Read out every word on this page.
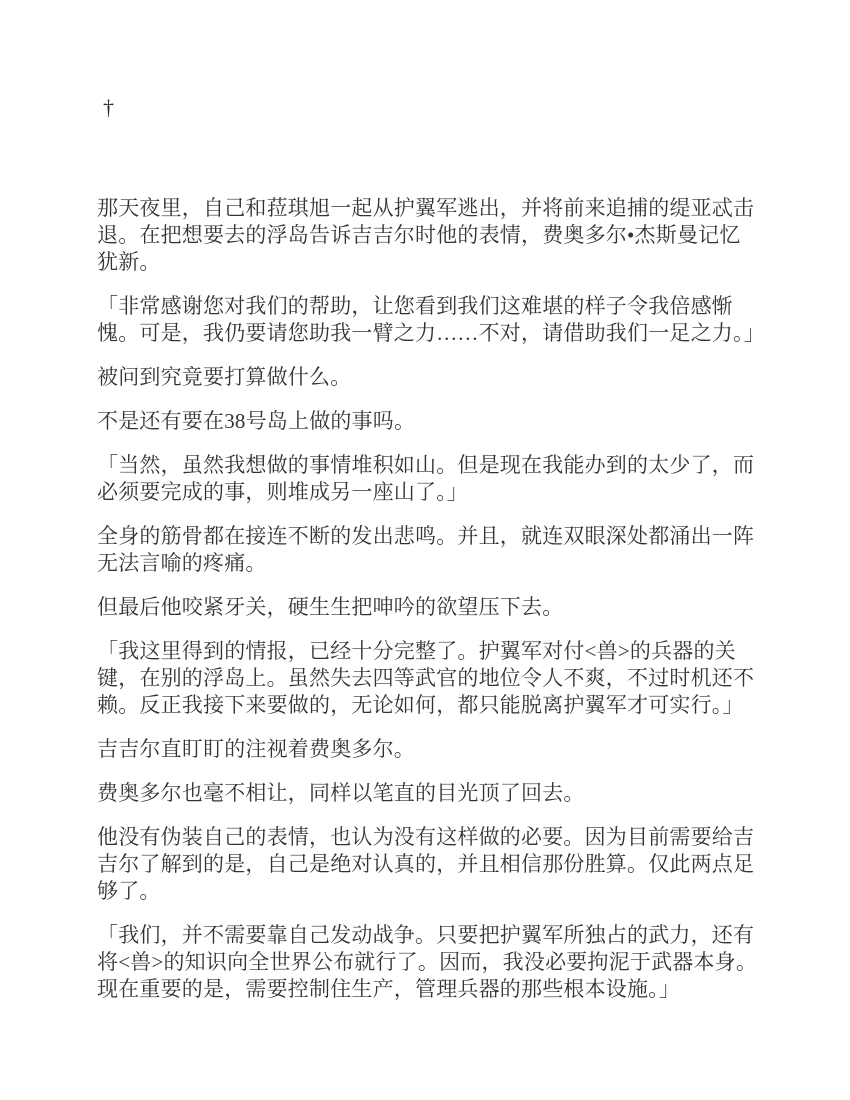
†

那天夜里，自己和菈琪旭一起从护翼军逃出，并将前来追捕的缇亚忒击退。在把想要去的浮岛告诉吉吉尔时他的表情，费奥多尔•杰斯曼记忆犹新。

「非常感谢您对我们的帮助，让您看到我们这难堪的样子令我倍感惭愧。可是，我仍要请您助我一臂之力……不对，请借助我们一足之力。」

被问到究竟要打算做什么。

不是还有要在38号岛上做的事吗。

「当然，虽然我想做的事情堆积如山。但是现在我能办到的太少了，而必须要完成的事，则堆成另一座山了。」

全身的筋骨都在接连不断的发出悲鸣。并且，就连双眼深处都涌出一阵无法言喻的疼痛。

但最后他咬紧牙关，硬生生把呻吟的欲望压下去。

「我这里得到的情报，已经十分完整了。护翼军对付<兽>的兵器的关键，在别的浮岛上。虽然失去四等武官的地位令人不爽，不过时机还不赖。反正我接下来要做的，无论如何，都只能脱离护翼军才可实行。」

吉吉尔直盯盯的注视着费奥多尔。

费奥多尔也毫不相让，同样以笔直的目光顶了回去。

他没有伪装自己的表情，也认为没有这样做的必要。因为目前需要给吉吉尔了解到的是，自己是绝对认真的，并且相信那份胜算。仅此两点足够了。

「我们，并不需要靠自己发动战争。只要把护翼军所独占的武力，还有将<兽>的知识向全世界公布就行了。因而，我没必要拘泥于武器本身。现在重要的是，需要控制住生产，管理兵器的那些根本设施。」
